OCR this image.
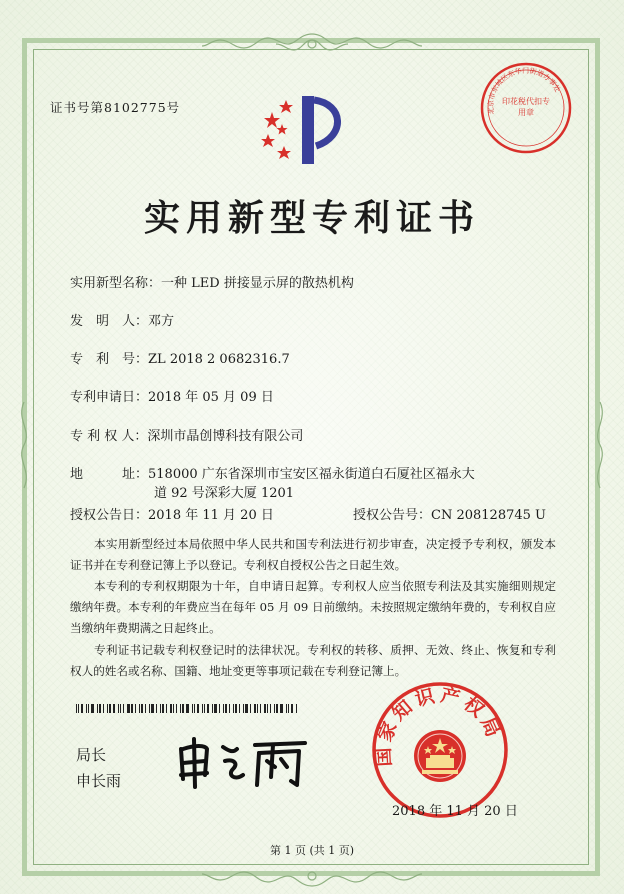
证书号第8102775号	北京市东城区东华门街道办事处
印花税代扣专用章
实用新型专利证书
实用新型名称：一种 LED 拼接显示屏的散热机构
发　明　人：邓方
专　利　号：ZL 2018 2 0682316.7
专利申请日：2018 年 05 月 09 日
专 利 权 人：深圳市晶创博科技有限公司
地　　　址：518000 广东省深圳市宝安区福永街道白石厦社区福永大
道 92 号深彩大厦 1201
授权公告日：2018 年 11 月 20 日	授权公告号：CN 208128745 U
本实用新型经过本局依照中华人民共和国专利法进行初步审查，决定授予专利权，颁发本证书并在专利登记簿上予以登记。专利权自授权公告之日起生效。
本专利的专利权期限为十年，自申请日起算。专利权人应当依照专利法及其实施细则规定缴纳年费。本专利的年费应当在每年 05 月 09 日前缴纳。未按照规定缴纳年费的，专利权自应当缴纳年费期满之日起终止。
专利证书记载专利权登记时的法律状况。专利权的转移、质押、无效、终止、恢复和专利权人的姓名或名称、国籍、地址变更等事项记载在专利登记簿上。
局长
申长雨
国家知识产权局
2018 年 11 月 20 日
第 1 页 (共 1 页)
